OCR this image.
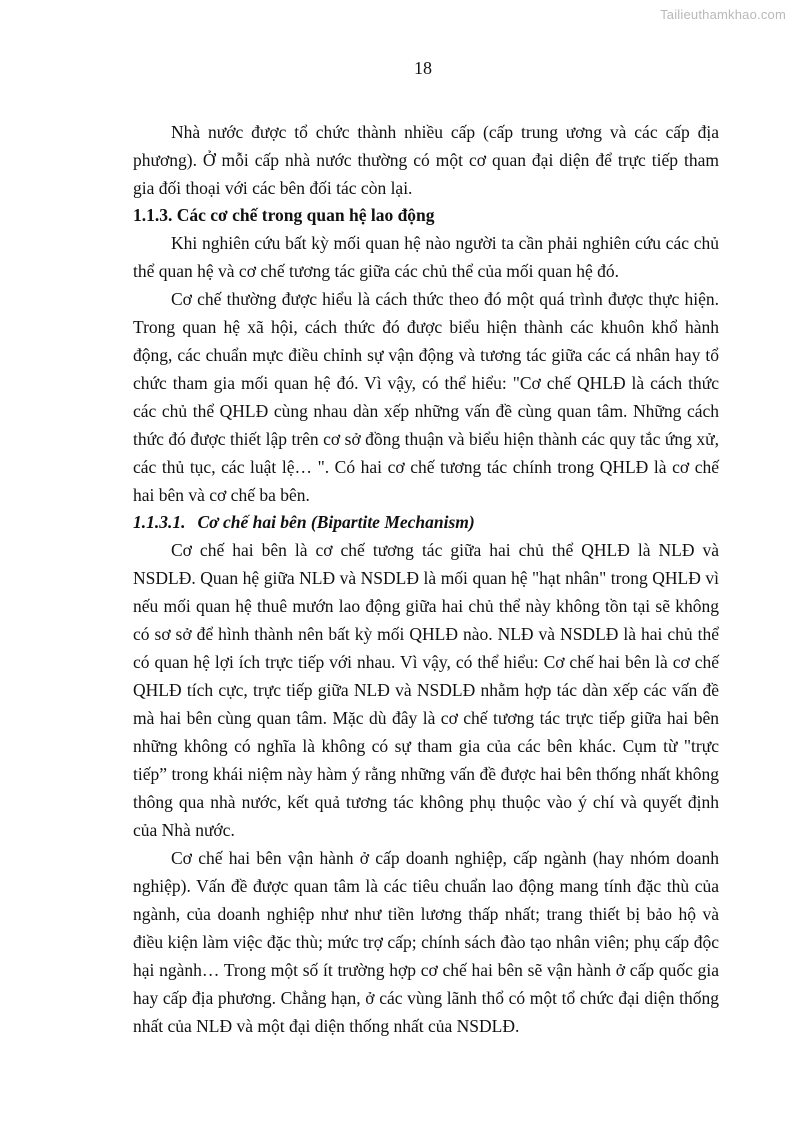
Tailieuthamkhao.com
18

Nhà nước được tổ chức thành nhiều cấp (cấp trung ương và các cấp địa phương). Ở mỗi cấp nhà nước thường có một cơ quan đại diện để trực tiếp tham gia đối thoại với các bên đối tác còn lại.

1.1.3. Các cơ chế trong quan hệ lao động

Khi nghiên cứu bất kỳ mối quan hệ nào người ta cần phải nghiên cứu các chủ thể quan hệ và cơ chế tương tác giữa các chủ thể của mối quan hệ đó.

Cơ chế thường được hiểu là cách thức theo đó một quá trình được thực hiện. Trong quan hệ xã hội, cách thức đó được biểu hiện thành các khuôn khổ hành động, các chuẩn mực điều chỉnh sự vận động và tương tác giữa các cá nhân hay tổ chức tham gia mối quan hệ đó. Vì vậy, có thể hiểu: "Cơ chế QHLĐ là cách thức các chủ thể QHLĐ cùng nhau dàn xếp những vấn đề cùng quan tâm. Những cách thức đó được thiết lập trên cơ sở đồng thuận và biểu hiện thành các quy tắc ứng xử, các thủ tục, các luật lệ… ". Có hai cơ chế tương tác chính trong QHLĐ là cơ chế hai bên và cơ chế ba bên.

1.1.3.1. Cơ chế hai bên (Bipartite Mechanism)

Cơ chế hai bên là cơ chế tương tác giữa hai chủ thể QHLĐ là NLĐ và NSDLĐ. Quan hệ giữa NLĐ và NSDLĐ là mối quan hệ "hạt nhân" trong QHLĐ vì nếu mối quan hệ thuê mướn lao động giữa hai chủ thể này không tồn tại sẽ không có sơ sở để hình thành nên bất kỳ mối QHLĐ nào. NLĐ và NSDLĐ là hai chủ thể có quan hệ lợi ích trực tiếp với nhau. Vì vậy, có thể hiểu: Cơ chế hai bên là cơ chế QHLĐ tích cực, trực tiếp giữa NLĐ và NSDLĐ nhằm hợp tác dàn xếp các vấn đề mà hai bên cùng quan tâm. Mặc dù đây là cơ chế tương tác trực tiếp giữa hai bên những không có nghĩa là không có sự tham gia của các bên khác. Cụm từ "trực tiếp” trong khái niệm này hàm ý rằng những vấn đề được hai bên thống nhất không thông qua nhà nước, kết quả tương tác không phụ thuộc vào ý chí và quyết định của Nhà nước.

Cơ chế hai bên vận hành ở cấp doanh nghiệp, cấp ngành (hay nhóm doanh nghiệp). Vấn đề được quan tâm là các tiêu chuẩn lao động mang tính đặc thù của ngành, của doanh nghiệp như như tiền lương thấp nhất; trang thiết bị bảo hộ và điều kiện làm việc đặc thù; mức trợ cấp; chính sách đào tạo nhân viên; phụ cấp độc hại ngành… Trong một số ít trường hợp cơ chế hai bên sẽ vận hành ở cấp quốc gia hay cấp địa phương. Chẳng hạn, ở các vùng lãnh thổ có một tổ chức đại diện thống nhất của NLĐ và một đại diện thống nhất của NSDLĐ.
